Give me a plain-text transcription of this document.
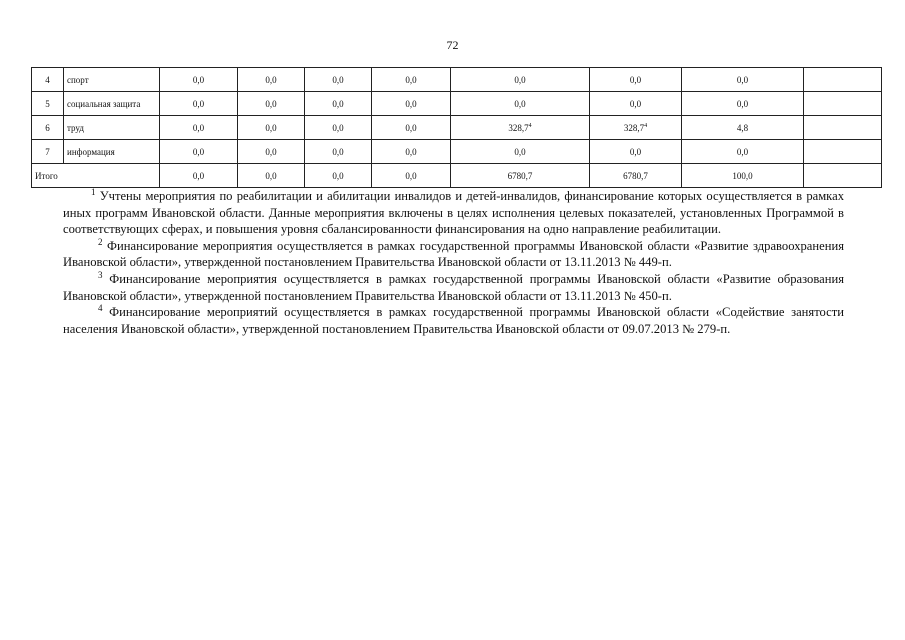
72
4	спорт	0,0	0,0	0,0	0,0	0,0	0,0	0,0	
5	социальная защита	0,0	0,0	0,0	0,0	0,0	0,0	0,0	
6	труд	0,0	0,0	0,0	0,0	328,7$^4$	328,7$^4$	4,8	
7	информация	0,0	0,0	0,0	0,0	0,0	0,0	0,0	
Итого		0,0	0,0	0,0	0,0	6780,7	6780,7	100,0	

$^1$ Учтены мероприятия по реабилитации и абилитации инвалидов и детей-инвалидов, финансирование которых осуществляется в рамках иных программ Ивановской области. Данные мероприятия включены в целях исполнения целевых показателей, установленных Программой в соответствующих сферах, и повышения уровня сбалансированности финансирования на одно направление реабилитации.

$^2$ Финансирование мероприятия осуществляется в рамках государственной программы Ивановской области «Развитие здравоохранения Ивановской области», утвержденной постановлением Правительства Ивановской области от 13.11.2013 № 449-п.

$^3$ Финансирование мероприятия осуществляется в рамках государственной программы Ивановской области «Развитие образования Ивановской области», утвержденной постановлением Правительства Ивановской области от 13.11.2013 № 450-п.

$^4$ Финансирование мероприятий осуществляется в рамках государственной программы Ивановской области «Содействие занятости населения Ивановской области», утвержденной постановлением Правительства Ивановской области от 09.07.2013 № 279-п.
